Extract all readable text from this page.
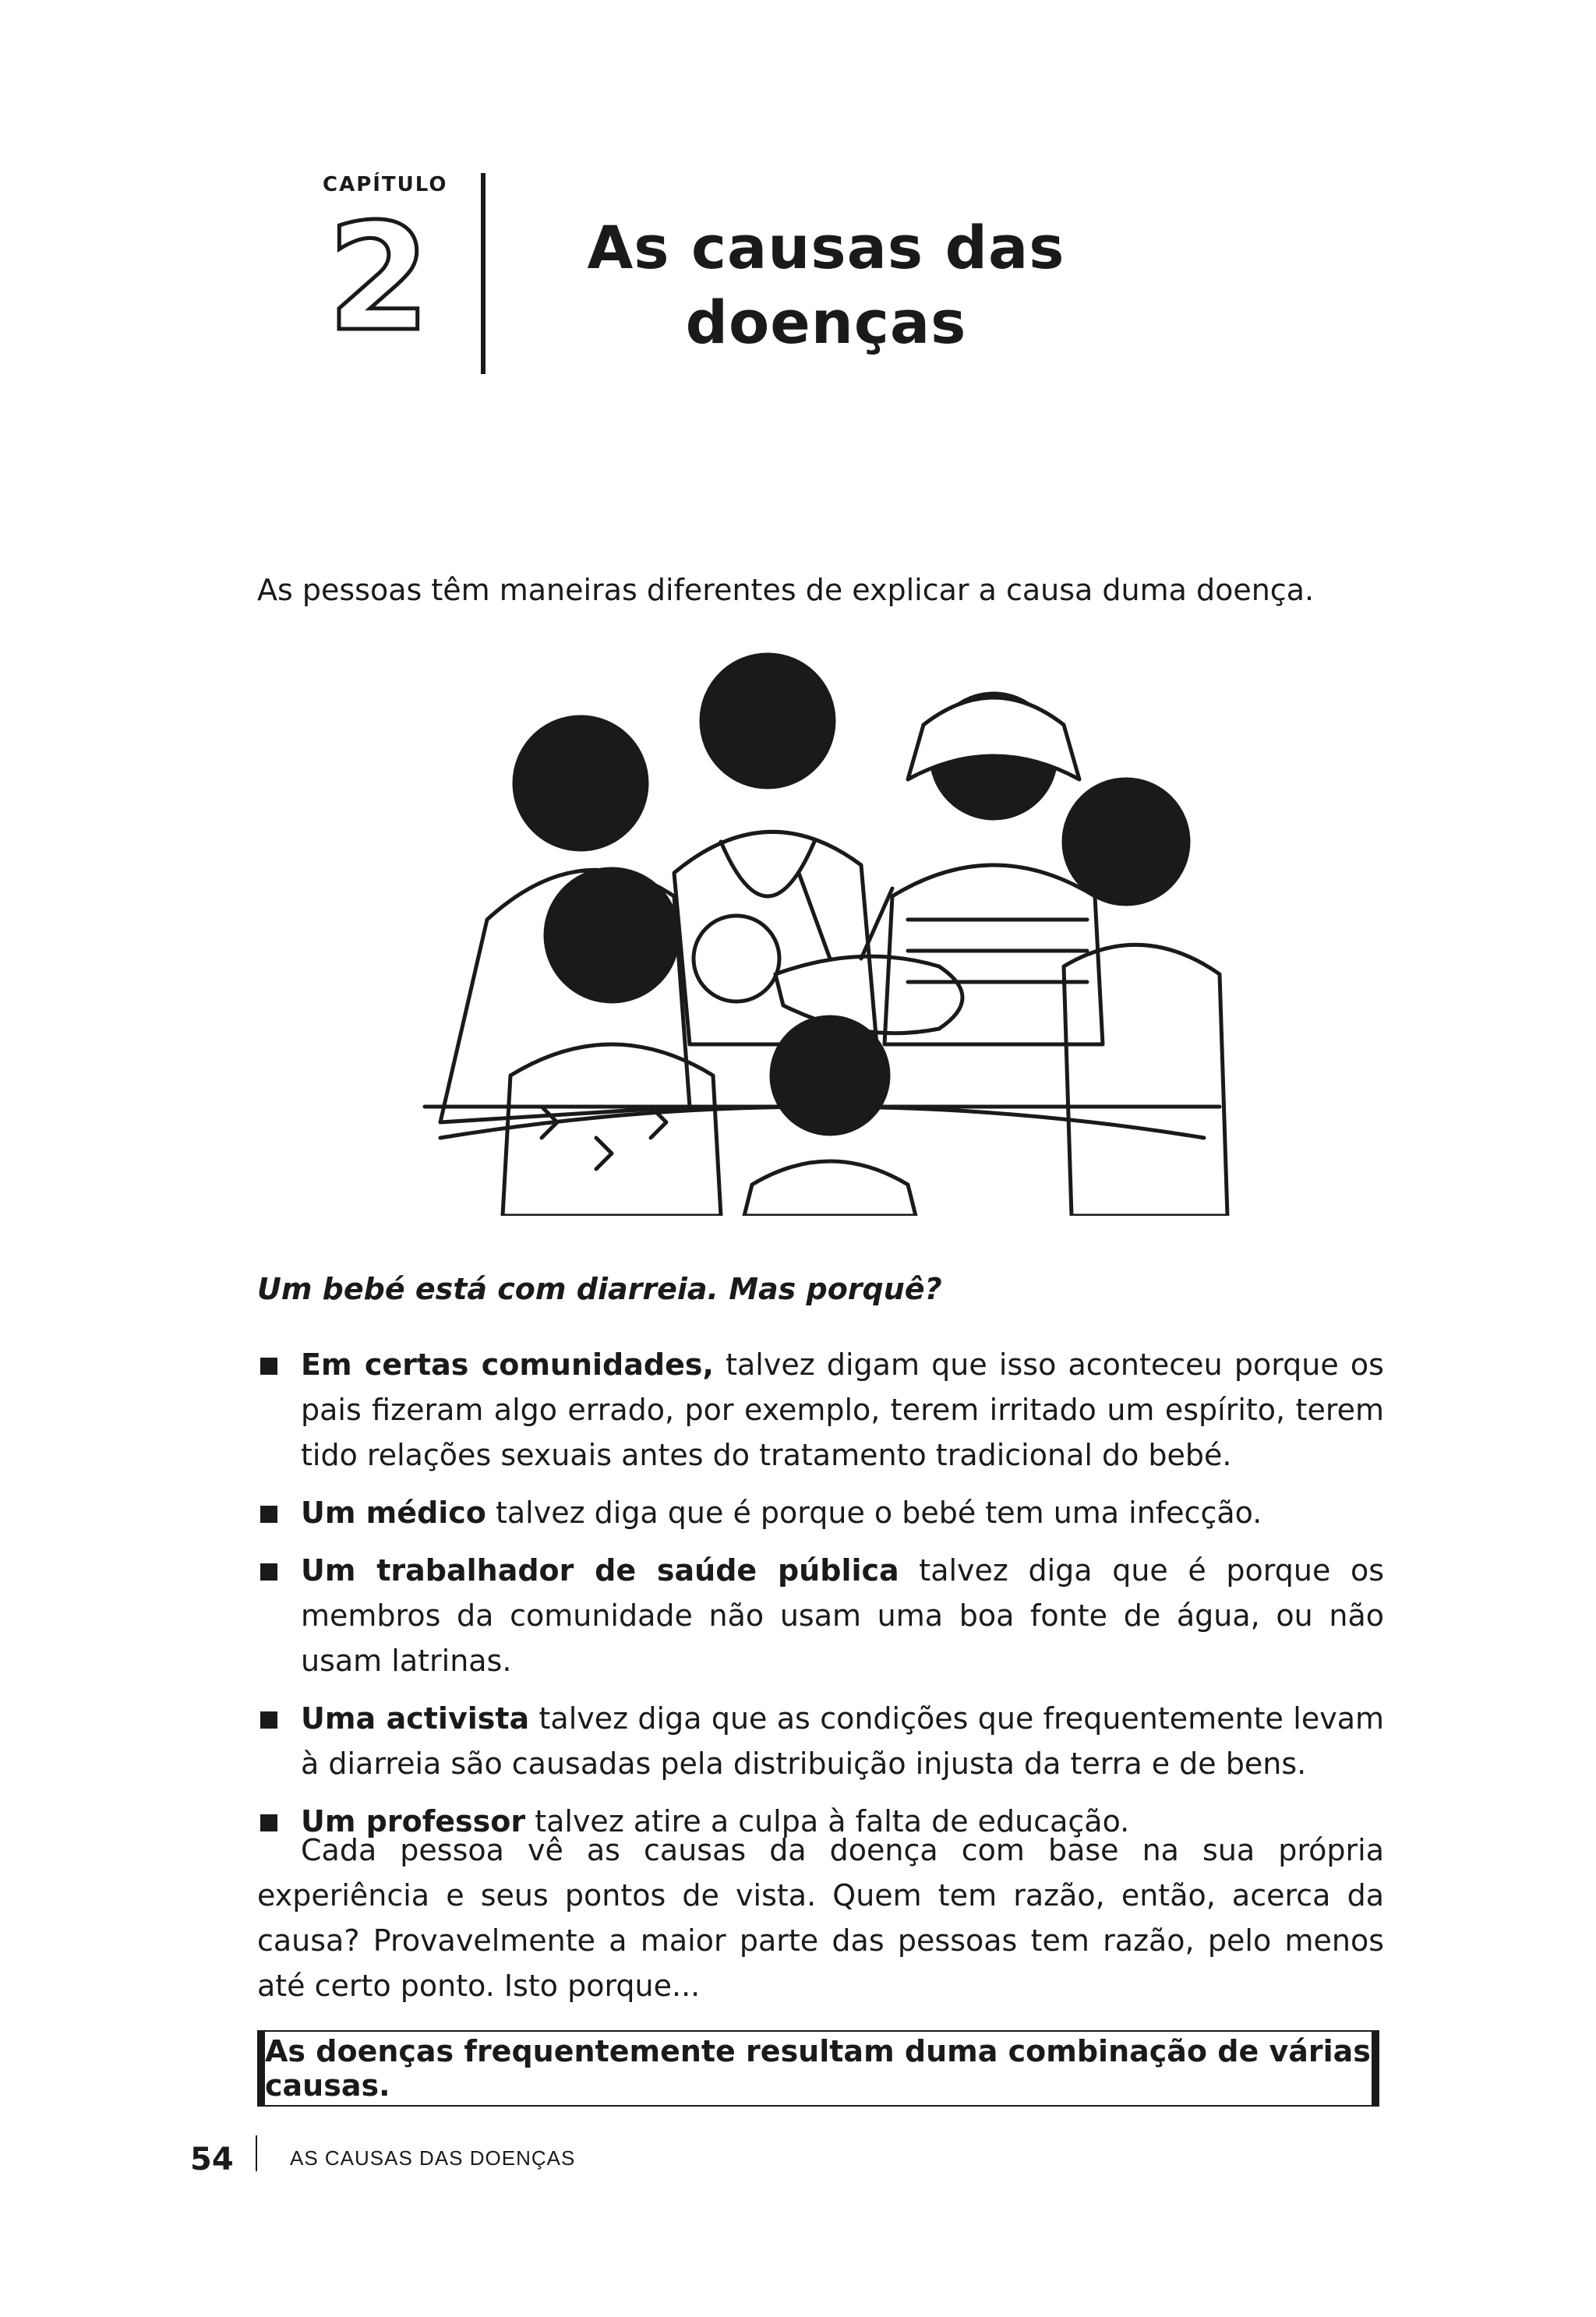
CAPÍTULO
2	As causas das
doenças
As pessoas têm maneiras diferentes de explicar a causa duma doença.
Um bebé está com diarreia. Mas porquê?
Em certas comunidades, talvez digam que isso aconteceu porque os pais fizeram algo errado, por exemplo, terem irritado um espírito, terem tido relações sexuais antes do tratamento tradicional do bebé.
Um médico talvez diga que é porque o bebé tem uma infecção.
Um trabalhador de saúde pública talvez diga que é porque os membros da comunidade não usam uma boa fonte de água, ou não usam latrinas.
Uma activista talvez diga que as condições que frequentemente levam à diarreia são causadas pela distribuição injusta da terra e de bens.
Um professor talvez atire a culpa à falta de educação.
Cada pessoa vê as causas da doença com base na sua própria experiência e seus pontos de vista. Quem tem razão, então, acerca da causa? Provavelmente a maior parte das pessoas tem razão, pelo menos até certo ponto. Isto porque...
As doenças frequentemente resultam duma combinação de várias causas.
54	AS CAUSAS DAS DOENÇAS
